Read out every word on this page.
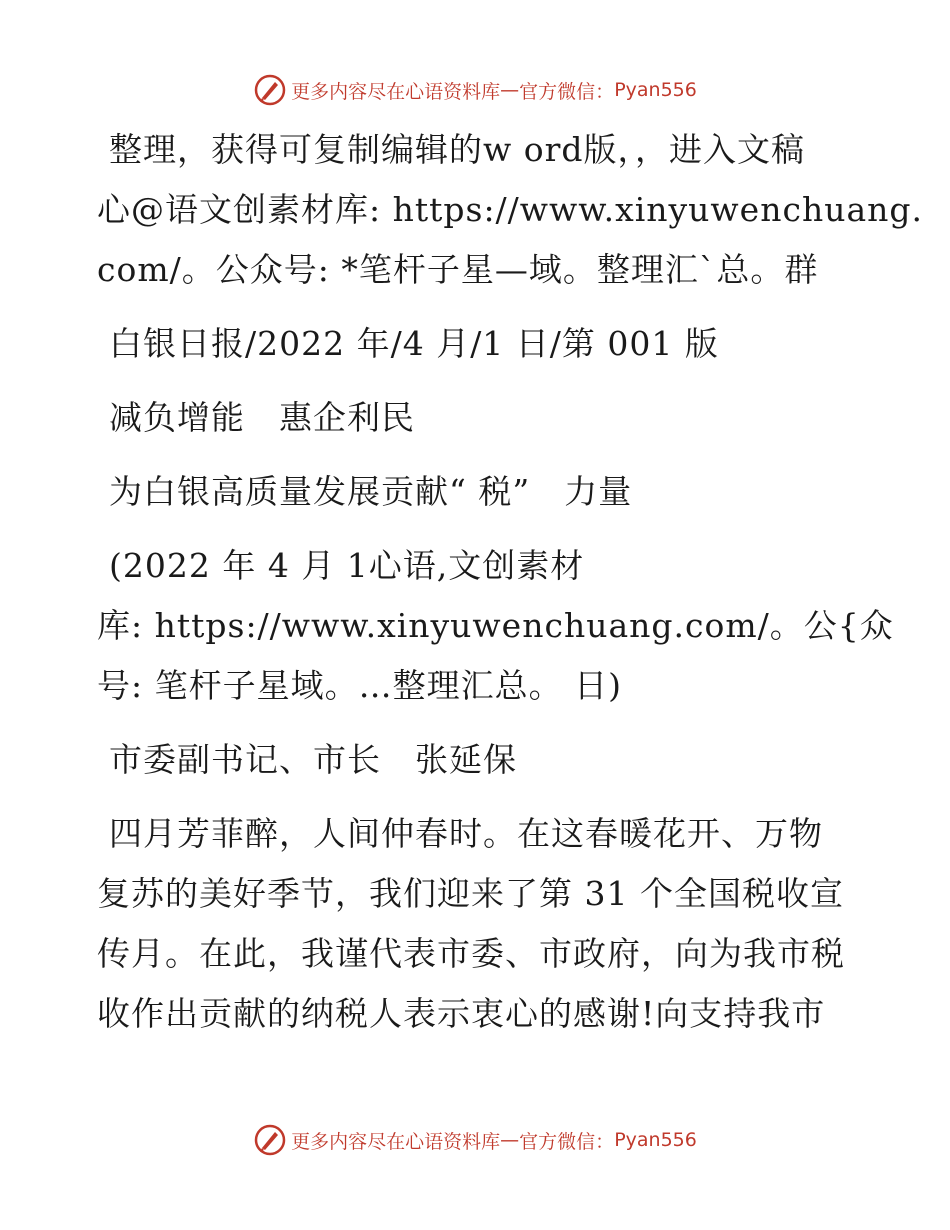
更多内容尽在心语资料库 — 官方微信： Pyan556
整理，获得可复制编辑的w ord版，，进入文稿
心@语文创素材库: https://www.xinyuwenchuang.
com/。公众号: *笔杆子星—域。整理汇`总。群
白银日报/2022 年/4 月/1 日/第 001 版
减负增能　惠企利民
为白银高质量发展贡献“ 税”　力量
(2022 年 4 月 1心语,文创素材
库: https://www.xinyuwenchuang.com/。公{众
号: 笔杆子星域。…整理汇总。 日)
市委副书记、市长　张延保
四月芳菲醉，人间仲春时。在这春暖花开、万物
复苏的美好季节，我们迎来了第 31 个全国税收宣
传月。在此，我谨代表市委、市政府，向为我市税
收作出贡献的纳税人表示衷心的感谢!向支持我市
更多内容尽在心语资料库 — 官方微信： Pyan556
